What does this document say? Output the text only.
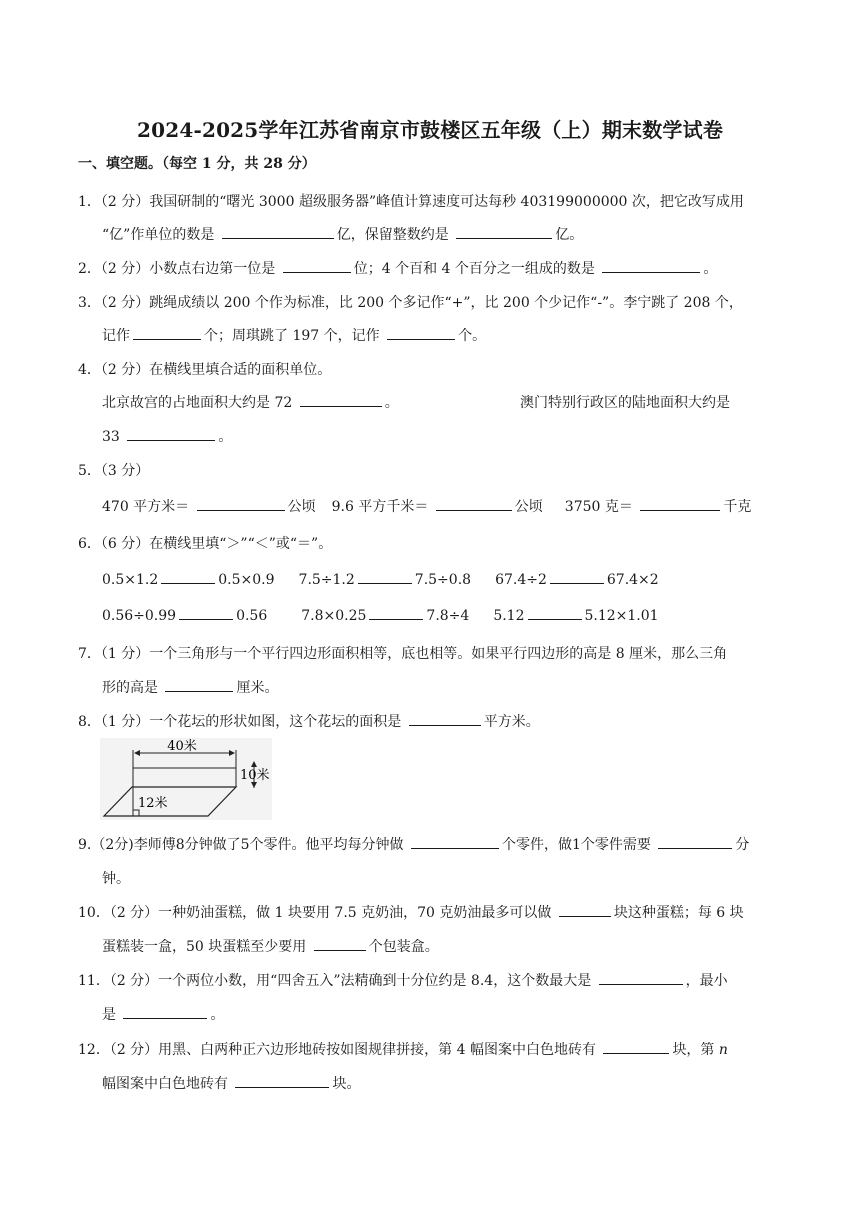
2024-2025学年江苏省南京市鼓楼区五年级（上）期末数学试卷
一、填空题。（每空 1 分，共 28 分）
1．（2 分）我国研制的“曙光 3000 超级服务器”峰值计算速度可达每秒 403199000000 次，把它改写成用
“亿”作单位的数是	亿，保留整数约是	亿。
2．（2 分）小数点右边第一位是	位；4 个百和 4 个百分之一组成的数是	。
3．（2 分）跳绳成绩以 200 个作为标准，比 200 个多记作“+”，比 200 个少记作“-”。李宁跳了 208 个，
记作	个；周琪跳了 197 个，记作	个。
4．（2 分）在横线里填合适的面积单位。
北京故宫的占地面积大约是 72	。	澳门特别行政区的陆地面积大约是
33	。
5．（3 分）
470 平方米＝	公顷 9.6 平方千米＝	公顷 3750 克＝	千克
6．（6 分）在横线里填“＞”“＜”或“＝”。
0.5×1.2	0.5×0.9 7.5÷1.2	7.5÷0.8 67.4÷2	67.4×2
0.56÷0.99	0.56 7.8×0.25	7.8÷4 5.12	5.12×1.01
7．（1 分）一个三角形与一个平行四边形面积相等，底也相等。如果平行四边形的高是 8 厘米，那么三角
形的高是	厘米。
8．（1 分）一个花坛的形状如图，这个花坛的面积是	平方米。
40米
10米
12米
9.（2分)李师傅8分钟做了5个零件。他平均每分钟做	个零件，做1个零件需要	分
钟。
10．（2 分）一种奶油蛋糕，做 1 块要用 7.5 克奶油，70 克奶油最多可以做	块这种蛋糕；每 6 块
蛋糕装一盒，50 块蛋糕至少要用	个包装盒。
11．（2 分）一个两位小数，用“四舍五入”法精确到十分位约是 8.4，这个数最大是	，最小
是	。
12．（2 分）用黑、白两种正六边形地砖按如图规律拼接，第 4 幅图案中白色地砖有	块，第 n
幅图案中白色地砖有	块。
